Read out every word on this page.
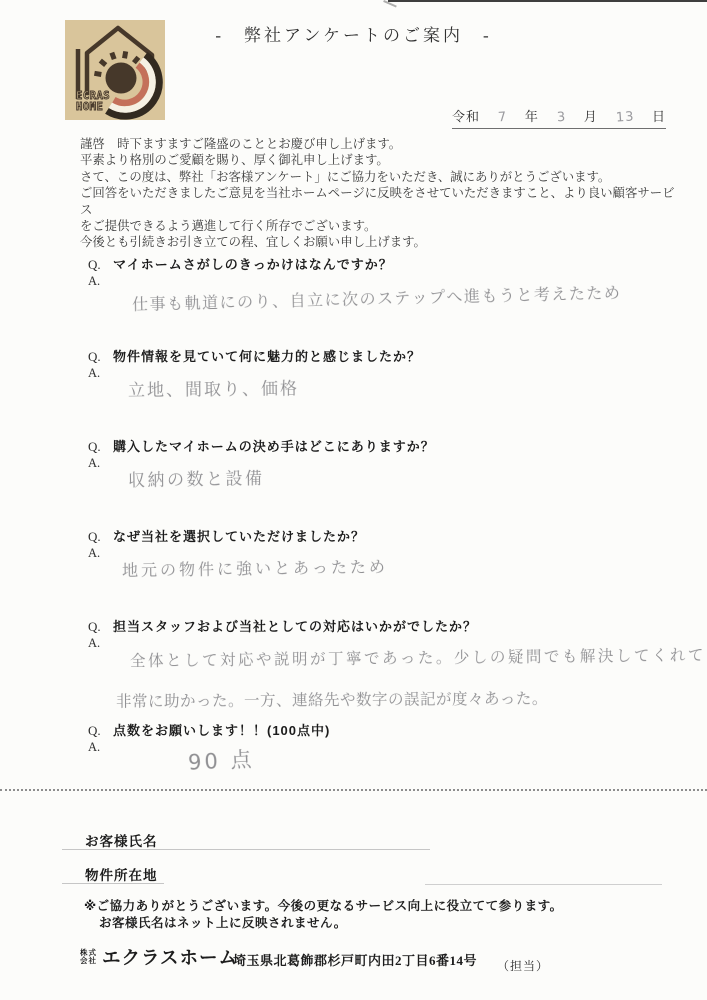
ECRAS
HOME
-　弊社アンケートのご案内　-
令和 7 年 3 月 13 日
謹啓　時下ますますご隆盛のこととお慶び申し上げます。
平素より格別のご愛顧を賜り、厚く御礼申し上げます。
さて、この度は、弊社「お客様アンケート」にご協力をいただき、誠にありがとうございます。
ご回答をいただきましたご意見を当社ホームページに反映をさせていただきますこと、より良い顧客サービス
をご提供できるよう邁進して行く所存でございます。
今後とも引続きお引き立ての程、宜しくお願い申し上げます。
Q. マイホームさがしのきっかけはなんですか？
A.
仕事も軌道にのり、自立に次のステップへ進もうと考えたため
Q. 物件情報を見ていて何に魅力的と感じましたか？
A.
立地、間取り、価格
Q. 購入したマイホームの決め手はどこにありますか？
A.
収納の数と設備
Q. なぜ当社を選択していただけましたか？
A.
地元の物件に強いとあったため
Q. 担当スタッフおよび当社としての対応はいかがでしたか？
A.
全体として対応や説明が丁寧であった。少しの疑問でも解決してくれて
非常に助かった。一方、連絡先や数字の誤記が度々あった。
Q. 点数をお願いします！！(100点中)
A.
90 点
お客様氏名
物件所在地
※ご協力ありがとうございます。今後の更なるサービス向上に役立てて参ります。
お客様氏名はネット上に反映されません。
株式
会社 エクラスホーム
埼玉県北葛飾郡杉戸町内田2丁目6番14号 （担当）
